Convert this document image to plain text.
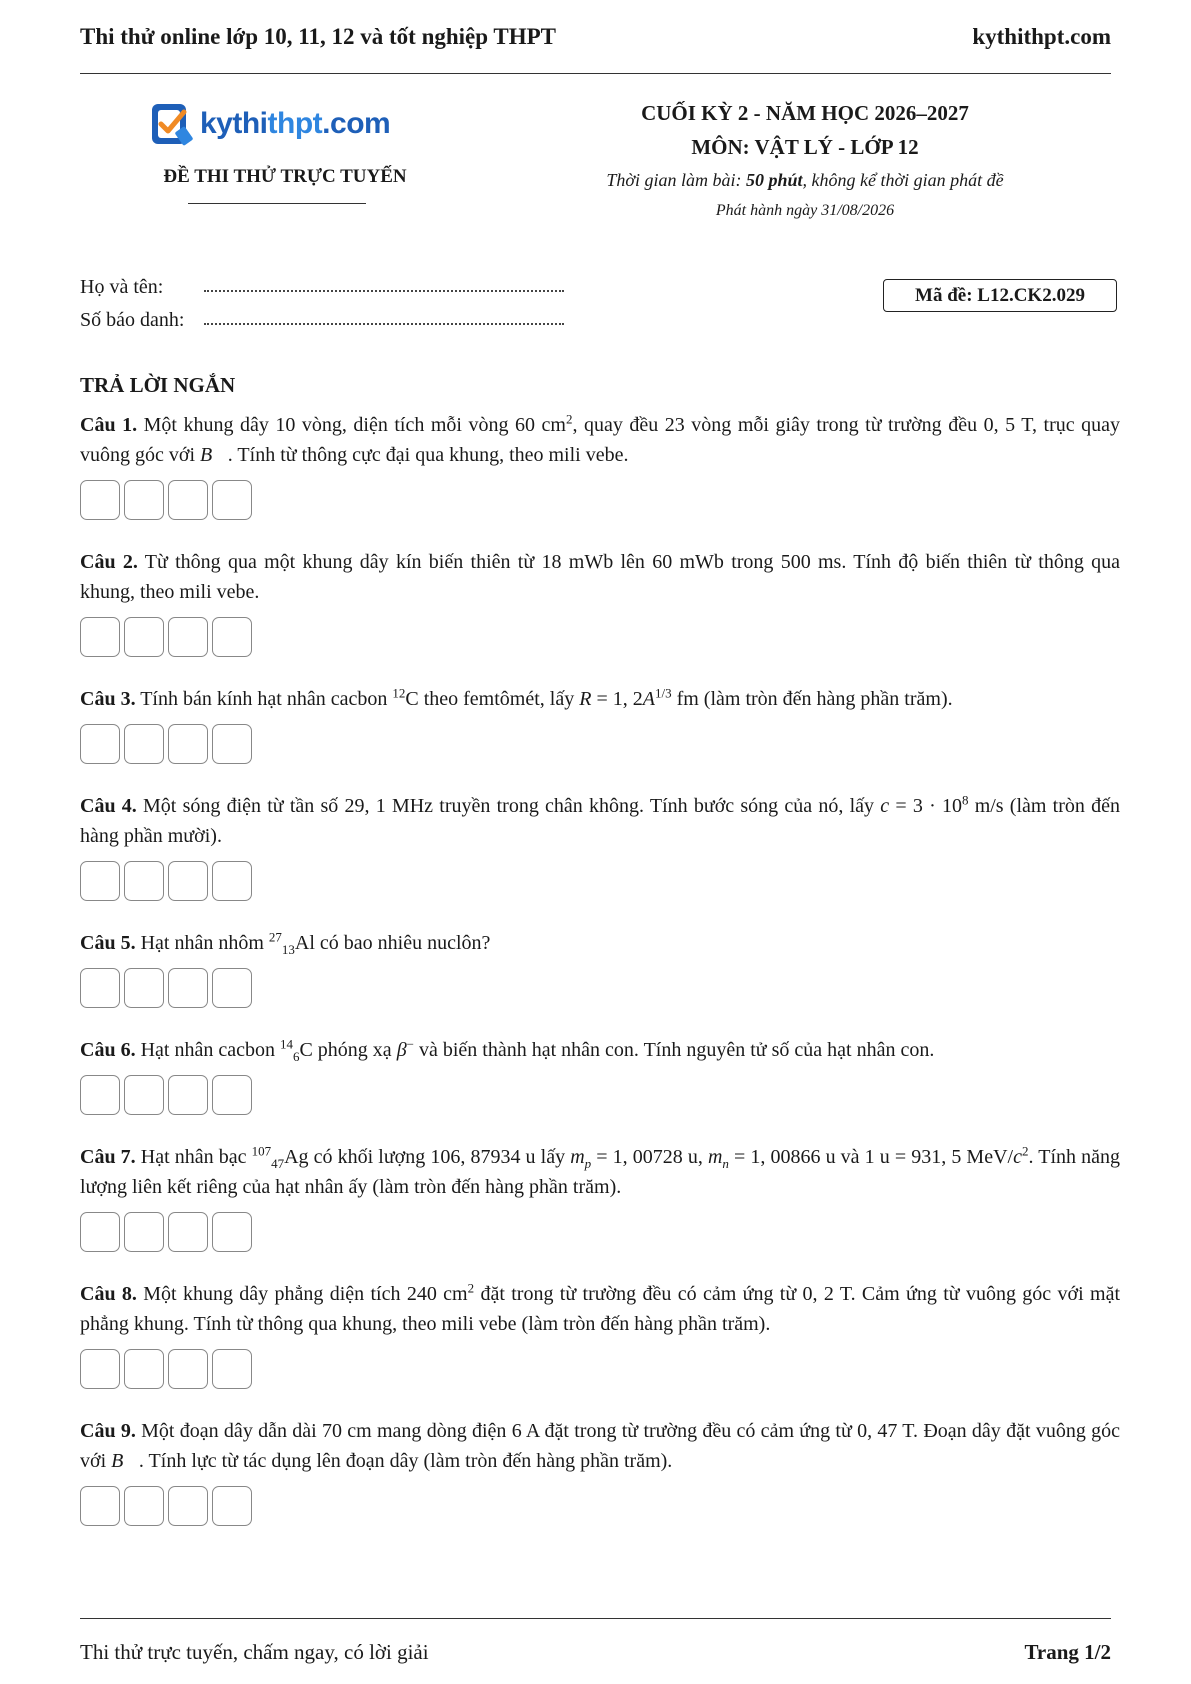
Thi thử online lớp 10, 11, 12 và tốt nghiệp THPT	kythithpt.com
kythithpt.com
ĐỀ THI THỬ TRỰC TUYẾN
CUỐI KỲ 2 - NĂM HỌC 2026–2027
MÔN: VẬT LÝ - LỚP 12
Thời gian làm bài: 50 phút, không kể thời gian phát đề
Phát hành ngày 31/08/2026
Họ và tên:
Số báo danh:
Mã đề: L12.CK2.029
TRẢ LỜI NGẮN
Câu 1. Một khung dây 10 vòng, diện tích mỗi vòng 60 $cm^2$, quay đều 23 vòng mỗi giây trong từ trường đều 0, 5 T, trục quay vuông góc với B⃗. Tính từ thông cực đại qua khung, theo mili vebe.
Câu 2. Từ thông qua một khung dây kín biến thiên từ 18 mWb lên 60 mWb trong 500 ms. Tính độ biến thiên từ thông qua khung, theo mili vebe.
Câu 3. Tính bán kính hạt nhân cacbon $^{12}$C theo femtômét, lấy R = 1, $2A^{1/3}$ fm (làm tròn đến hàng phần trăm).
Câu 4. Một sóng điện từ tần số 29, 1 MHz truyền trong chân không. Tính bước sóng của nó, lấy $c = 3 \cdot 10^8$ m/s (làm tròn đến hàng phần mười).
Câu 5. Hạt nhân nhôm $^{27}_{13}$Al có bao nhiêu nuclôn?
Câu 6. Hạt nhân cacbon $^{14}_6$C phóng xạ β− và biến thành hạt nhân con. Tính nguyên tử số của hạt nhân con.
Câu 7. Hạt nhân bạc $^{107}_{47}$Ag có khối lượng 106, 87934 u lấy $m_p = 1$, 00728 u, $m_n = 1$, 00866 u và 1 u = 931, 5 MeV/$c^2$. Tính năng lượng liên kết riêng của hạt nhân ấy (làm tròn đến hàng phần trăm).
Câu 8. Một khung dây phẳng diện tích 240 $cm^2$ đặt trong từ trường đều có cảm ứng từ 0, 2 T. Cảm ứng từ vuông góc với mặt phẳng khung. Tính từ thông qua khung, theo mili vebe (làm tròn đến hàng phần trăm).
Câu 9. Một đoạn dây dẫn dài 70 cm mang dòng điện 6 A đặt trong từ trường đều có cảm ứng từ 0, 47 T. Đoạn dây đặt vuông góc với B⃗. Tính lực từ tác dụng lên đoạn dây (làm tròn đến hàng phần trăm).
Thi thử trực tuyến, chấm ngay, có lời giải	Trang 1/2
